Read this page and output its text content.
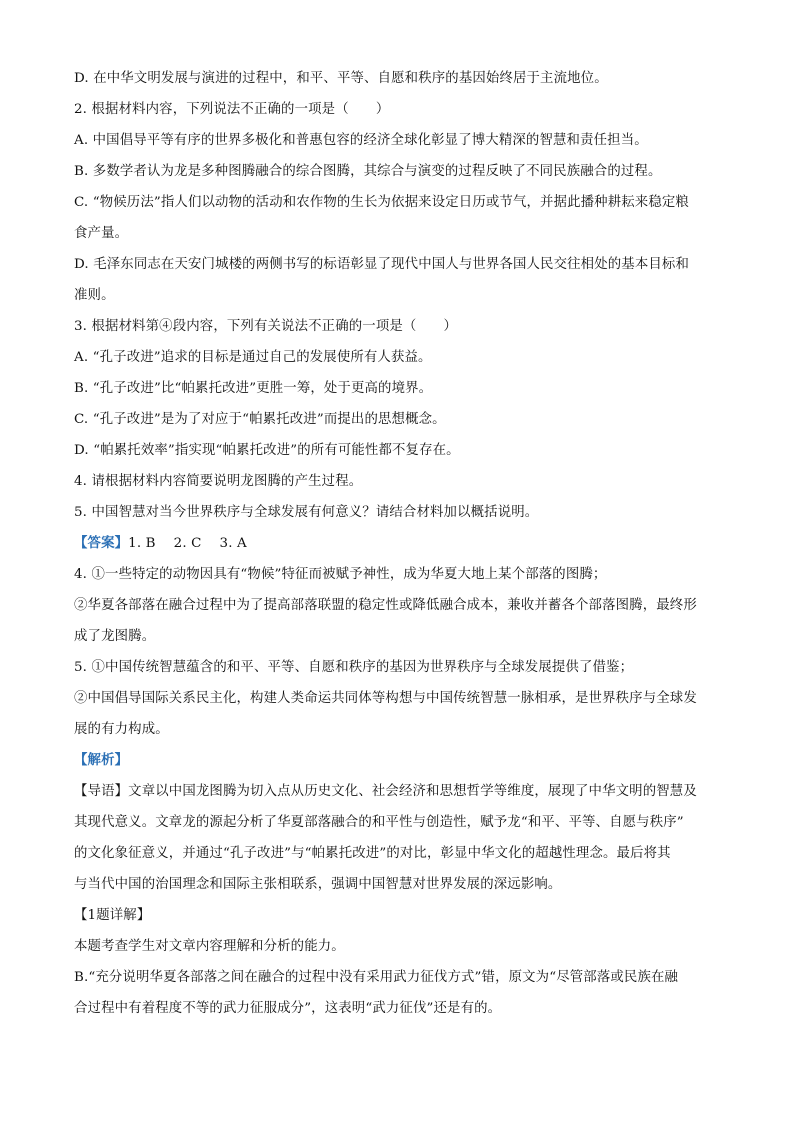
D. 在中华文明发展与演进的过程中，和平、平等、自愿和秩序的基因始终居于主流地位。
2. 根据材料内容，下列说法不正确的一项是（　　）
A. 中国倡导平等有序的世界多极化和普惠包容的经济全球化彰显了博大精深的智慧和责任担当。
B. 多数学者认为龙是多种图腾融合的综合图腾，其综合与演变的过程反映了不同民族融合的过程。
C. “物候历法”指人们以动物的活动和农作物的生长为依据来设定日历或节气，并据此播种耕耘来稳定粮
食产量。
D. 毛泽东同志在天安门城楼的两侧书写的标语彰显了现代中国人与世界各国人民交往相处的基本目标和
准则。
3. 根据材料第④段内容，下列有关说法不正确的一项是（　　）
A. “孔子改进”追求的目标是通过自己的发展使所有人获益。
B. “孔子改进”比“帕累托改进”更胜一筹，处于更高的境界。
C. “孔子改进”是为了对应于“帕累托改进”而提出的思想概念。
D. “帕累托效率”指实现“帕累托改进”的所有可能性都不复存在。
4. 请根据材料内容简要说明龙图腾的产生过程。
5. 中国智慧对当今世界秩序与全球发展有何意义？请结合材料加以概括说明。
【答案】1. B 2. C 3. A
4. ①一些特定的动物因具有“物候”特征而被赋予神性，成为华夏大地上某个部落的图腾；
②华夏各部落在融合过程中为了提高部落联盟的稳定性或降低融合成本，兼收并蓄各个部落图腾，最终形
成了龙图腾。
5. ①中国传统智慧蕴含的和平、平等、自愿和秩序的基因为世界秩序与全球发展提供了借鉴；
②中国倡导国际关系民主化，构建人类命运共同体等构想与中国传统智慧一脉相承，是世界秩序与全球发
展的有力构成。
【解析】
【导语】文章以中国龙图腾为切入点从历史文化、社会经济和思想哲学等维度，展现了中华文明的智慧及
其现代意义。文章龙的源起分析了华夏部落融合的和平性与创造性，赋予龙“和平、平等、自愿与秩序”
的文化象征意义，并通过“孔子改进”与“帕累托改进”的对比，彰显中华文化的超越性理念。最后将其
与当代中国的治国理念和国际主张相联系，强调中国智慧对世界发展的深远影响。
【1题详解】
本题考查学生对文章内容理解和分析的能力。
B.“充分说明华夏各部落之间在融合的过程中没有采用武力征伐方式”错，原文为“尽管部落或民族在融
合过程中有着程度不等的武力征服成分”，这表明“武力征伐”还是有的。
